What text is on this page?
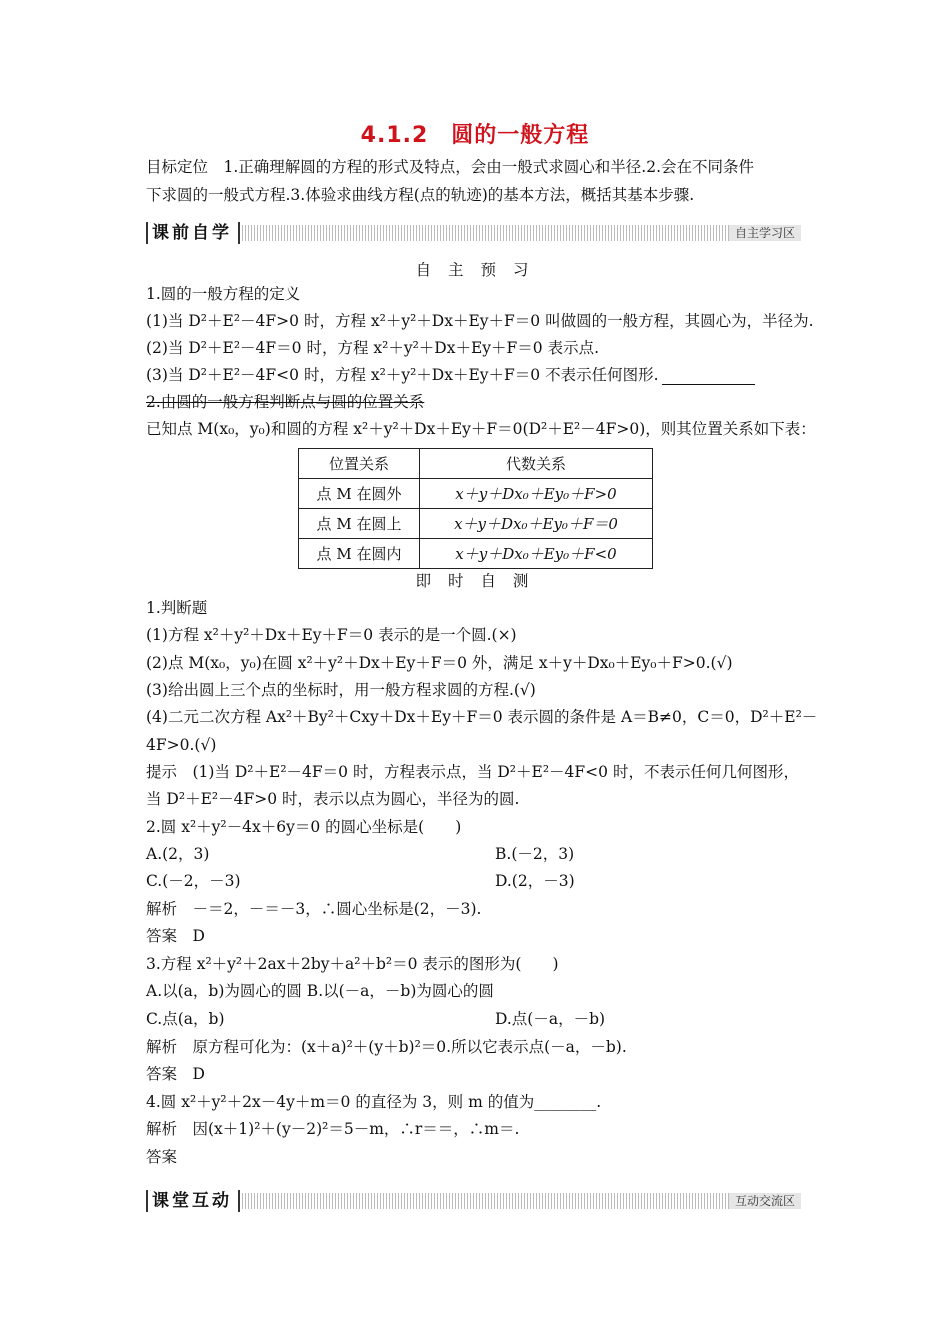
4.1.2　圆的一般方程
目标定位　1.正确理解圆的方程的形式及特点，会由一般式求圆心和半径.2.会在不同条件
下求圆的一般式方程.3.体验求曲线方程(点的轨迹)的基本方法，概括其基本步骤.
课前自学	自主学习区
自 主 预 习
1.圆的一般方程的定义
(1)当 D²＋E²－4F>0 时，方程 x²＋y²＋Dx＋Ey＋F＝0 叫做圆的一般方程，其圆心为，半径为.
(2)当 D²＋E²－4F＝0 时，方程 x²＋y²＋Dx＋Ey＋F＝0 表示点.
(3)当 D²＋E²－4F<0 时，方程 x²＋y²＋Dx＋Ey＋F＝0 不表示任何图形.
2.由圆的一般方程判断点与圆的位置关系
已知点 M(x₀，y₀)和圆的方程 x²＋y²＋Dx＋Ey＋F＝0(D²＋E²－4F>0)，则其位置关系如下表：
位置关系	代数关系
点 M 在圆外	x＋y＋Dx₀＋Ey₀＋F>0
点 M 在圆上	x＋y＋Dx₀＋Ey₀＋F＝0
点 M 在圆内	x＋y＋Dx₀＋Ey₀＋F<0
即 时 自 测
1.判断题
(1)方程 x²＋y²＋Dx＋Ey＋F＝0 表示的是一个圆.(×)
(2)点 M(x₀，y₀)在圆 x²＋y²＋Dx＋Ey＋F＝0 外，满足 x＋y＋Dx₀＋Ey₀＋F>0.(√)
(3)给出圆上三个点的坐标时，用一般方程求圆的方程.(√)
(4)二元二次方程 Ax²＋By²＋Cxy＋Dx＋Ey＋F＝0 表示圆的条件是 A＝B≠0，C＝0，D²＋E²－
4F>0.(√)
提示　(1)当 D²＋E²－4F＝0 时，方程表示点，当 D²＋E²－4F<0 时，不表示任何几何图形，
当 D²＋E²－4F>0 时，表示以点为圆心，半径为的圆.
2.圆 x²＋y²－4x＋6y＝0 的圆心坐标是(　　)
A.(2，3)	B.(－2，3)
C.(－2，－3)	D.(2，－3)
解析　－＝2，－＝－3，∴圆心坐标是(2，－3).
答案　D
3.方程 x²＋y²＋2ax＋2by＋a²＋b²＝0 表示的图形为(　　)
A.以(a，b)为圆心的圆 B.以(－a，－b)为圆心的圆
C.点(a，b)	D.点(－a，－b)
解析　原方程可化为：(x＋a)²＋(y＋b)²＝0.所以它表示点(－a，－b).
答案　D
4.圆 x²＋y²＋2x－4y＋m＝0 的直径为 3，则 m 的值为________.
解析　因(x＋1)²＋(y－2)²＝5－m，∴r＝＝，∴m＝.
答案
课堂互动	互动交流区
